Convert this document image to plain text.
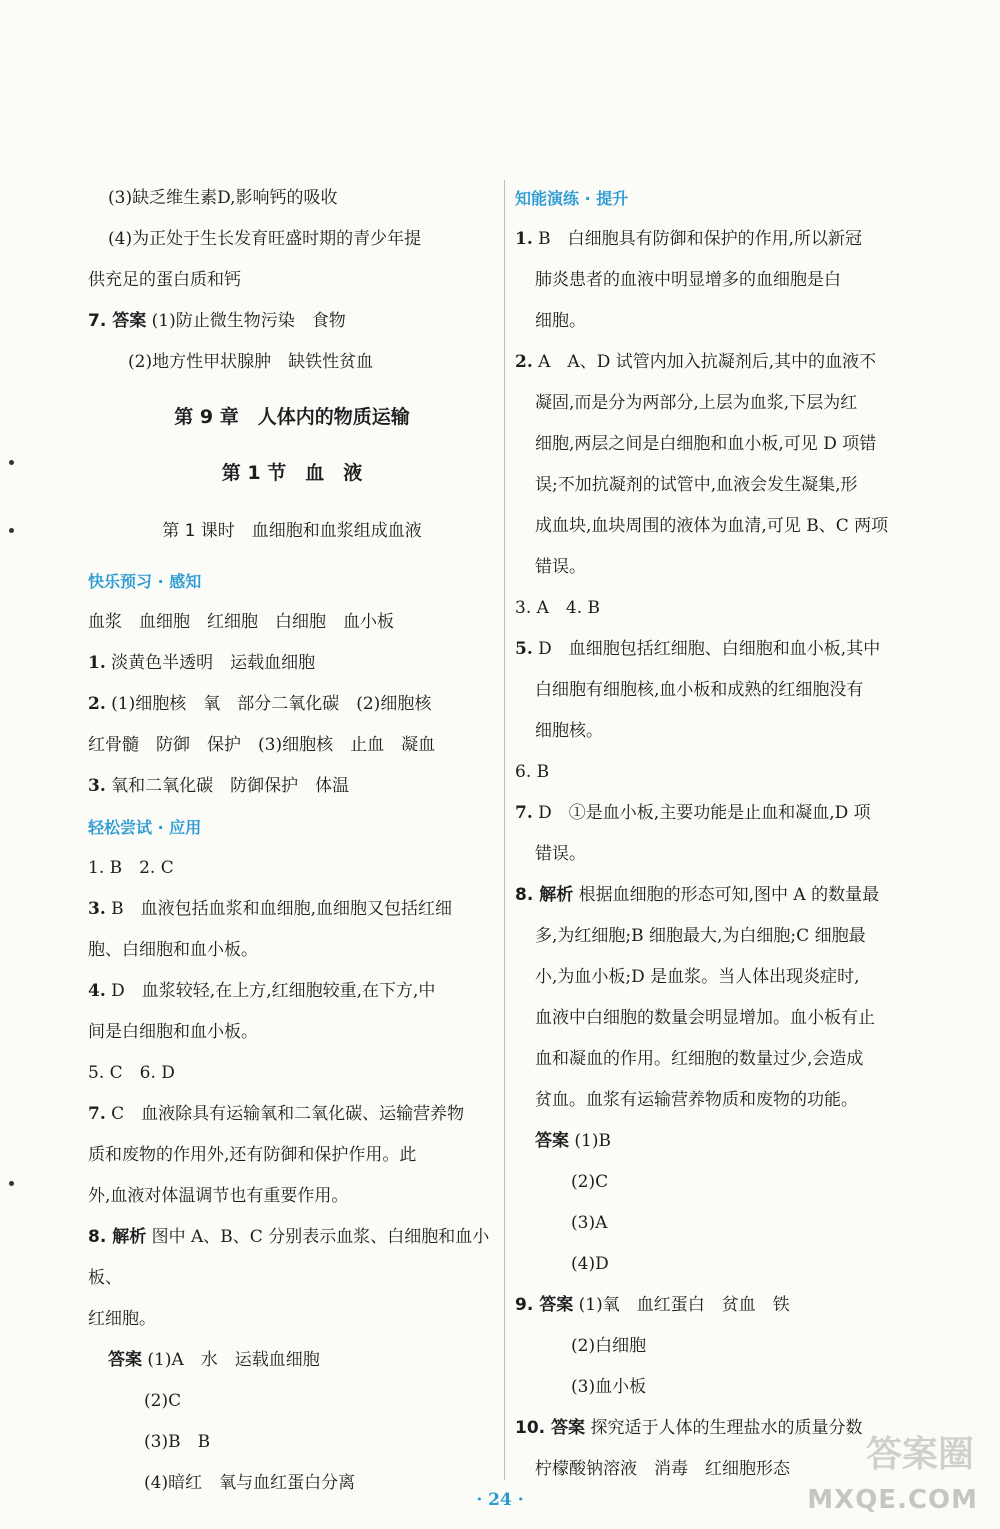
(3)缺乏维生素D,影响钙的吸收

(4)为正处于生长发育旺盛时期的青少年提

供充足的蛋白质和钙

7. 答案 (1)防止微生物污染　食物

(2)地方性甲状腺肿　缺铁性贫血

第 9 章　人体内的物质运输
第 1 节　血　液
第 1 课时　血细胞和血浆组成血液

快乐预习 · 感知

血浆　血细胞　红细胞　白细胞　血小板

1. 淡黄色半透明　运载血细胞

2. (1)细胞核　氧　部分二氧化碳　(2)细胞核

红骨髓　防御　保护　(3)细胞核　止血　凝血

3. 氧和二氧化碳　防御保护　体温

轻松尝试 · 应用

1. B　2. C

3. B　血液包括血浆和血细胞,血细胞又包括红细

胞、白细胞和血小板。

4. D　血浆较轻,在上方,红细胞较重,在下方,中

间是白细胞和血小板。

5. C　6. D

7. C　血液除具有运输氧和二氧化碳、运输营养物

质和废物的作用外,还有防御和保护作用。此

外,血液对体温调节也有重要作用。

8. 解析 图中 A、B、C 分别表示血浆、白细胞和血小板、

红细胞。

答案 (1)A　水　运载血细胞

(2)C

(3)B　B

(4)暗红　氧与血红蛋白分离

知能演练 · 提升

1. B　白细胞具有防御和保护的作用,所以新冠

肺炎患者的血液中明显增多的血细胞是白

细胞。

2. A　A、D 试管内加入抗凝剂后,其中的血液不

凝固,而是分为两部分,上层为血浆,下层为红

细胞,两层之间是白细胞和血小板,可见 D 项错

误;不加抗凝剂的试管中,血液会发生凝集,形

成血块,血块周围的液体为血清,可见 B、C 两项

错误。

3. A　4. B

5. D　血细胞包括红细胞、白细胞和血小板,其中

白细胞有细胞核,血小板和成熟的红细胞没有

细胞核。

6. B

7. D　①是血小板,主要功能是止血和凝血,D 项

错误。

8. 解析 根据血细胞的形态可知,图中 A 的数量最

多,为红细胞;B 细胞最大,为白细胞;C 细胞最

小,为血小板;D 是血浆。当人体出现炎症时,

血液中白细胞的数量会明显增加。血小板有止

血和凝血的作用。红细胞的数量过少,会造成

贫血。血浆有运输营养物质和废物的功能。

答案 (1)B

(2)C

(3)A

(4)D

9. 答案 (1)氧　血红蛋白　贫血　铁

(2)白细胞

(3)血小板

10. 答案 探究适于人体的生理盐水的质量分数

柠檬酸钠溶液　消毒　红细胞形态

· 24 ·
答案圈
MXQE.COM
